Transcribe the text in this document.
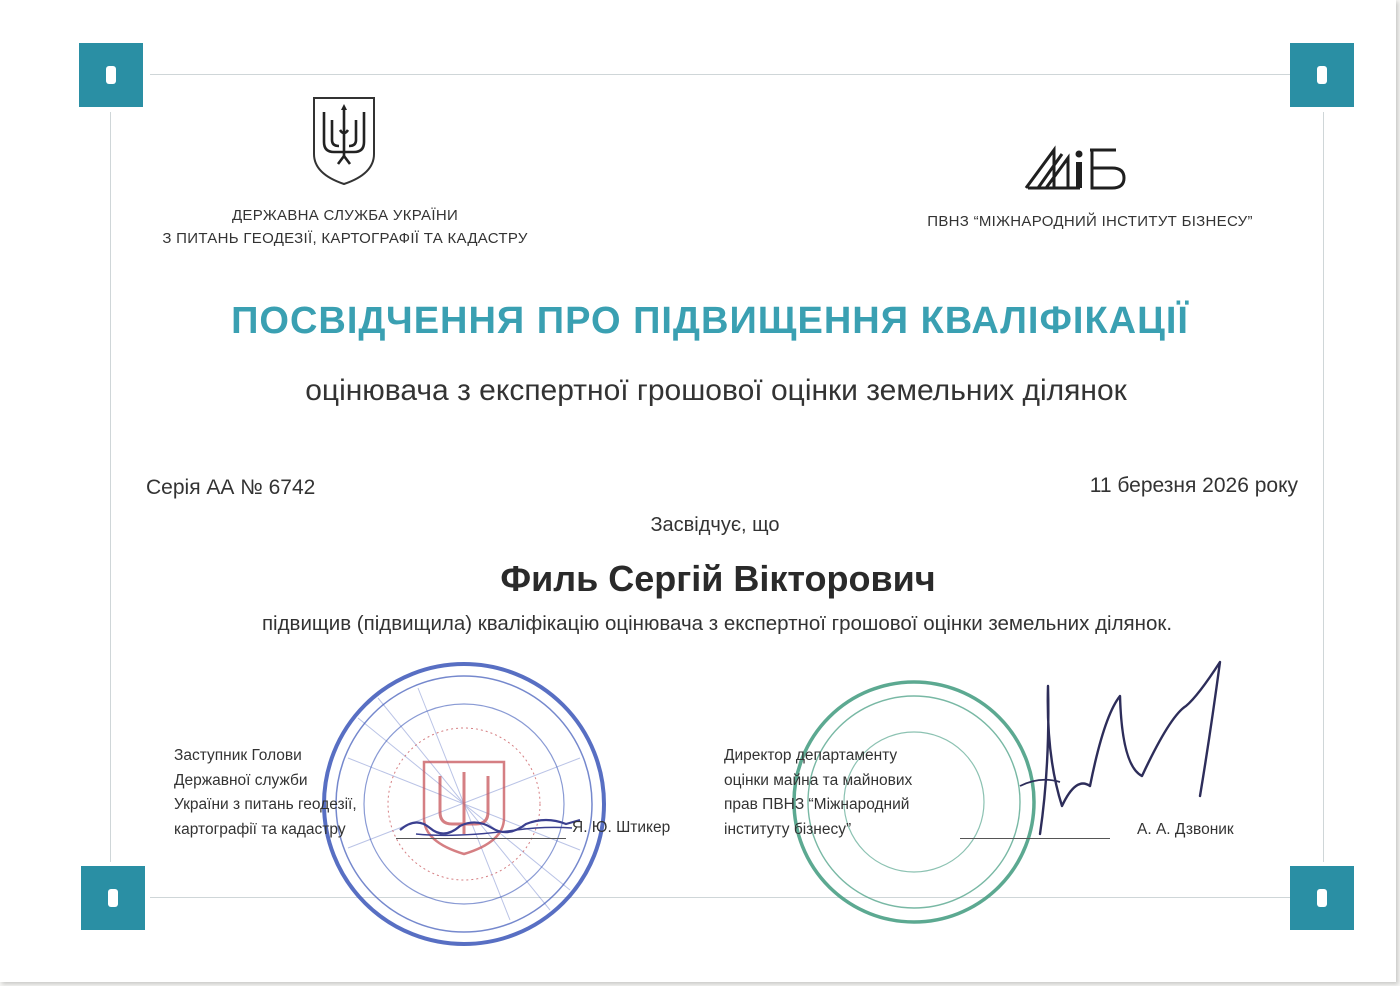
ДЕРЖАВНА СЛУЖБА УКРАЇНИ
З ПИТАНЬ ГЕОДЕЗІЇ, КАРТОГРАФІЇ ТА КАДАСТРУ
ПВНЗ “МІЖНАРОДНИЙ ІНСТИТУТ БІЗНЕСУ”
ПОСВІДЧЕННЯ ПРО ПІДВИЩЕННЯ КВАЛІФІКАЦІЇ
оцінювача з експертної грошової оцінки земельних ділянок
Серія АА № 6742	11 березня 2026 року
Засвідчує, що
Филь Сергій Вікторович
підвищив (підвищила) кваліфікацію оцінювача з експертної грошової оцінки земельних ділянок.
Заступник Голови
Державної служби
України з питань геодезії,
картографії та кадастру	Я. Ю. Штикер
Директор департаменту
оцінки майна та майнових
прав ПВНЗ “Міжнародний
інституту бізнесу”	А. А. Дзвоник
